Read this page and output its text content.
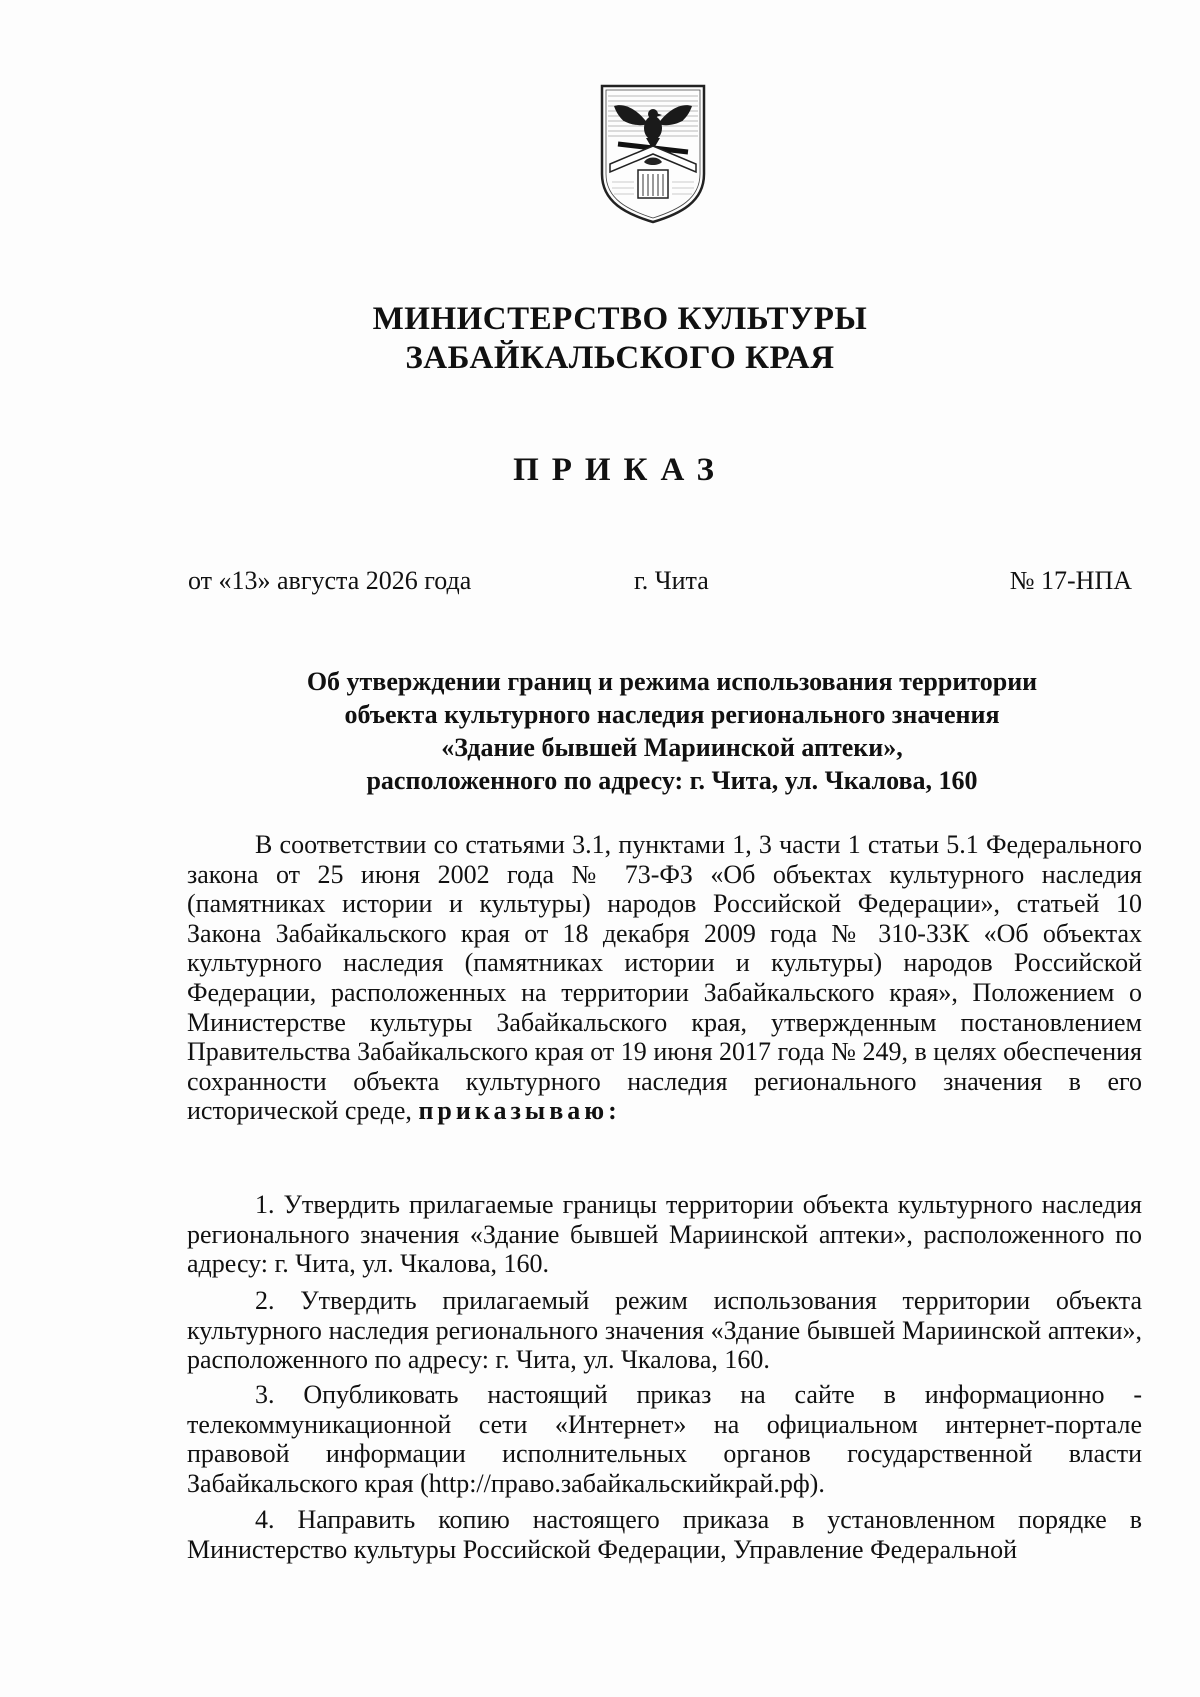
МИНИСТЕРСТВО КУЛЬТУРЫ
ЗАБАЙКАЛЬСКОГО КРАЯ
ПРИКАЗ
от «13» августа 2026 года	г. Чита	№ 17-НПА
Об утверждении границ и режима использования территории
объекта культурного наследия регионального значения
«Здание бывшей Мариинской аптеки»,
расположенного по адресу: г. Чита, ул. Чкалова, 160
В соответствии со статьями 3.1, пунктами 1, 3 части 1 статьи 5.1 Федерального закона от 25 июня 2002 года № 73-ФЗ «Об объектах культурного наследия (памятниках истории и культуры) народов Российской Федерации», статьей 10 Закона Забайкальского края от 18 декабря 2009 года № 310-ЗЗК «Об объектах культурного наследия (памятниках истории и культуры) народов Российской Федерации, расположенных на территории Забайкальского края», Положением о Министерстве культуры Забайкальского края, утвержденным постановлением Правительства Забайкальского края от 19 июня 2017 года № 249, в целях обеспечения сохранности объекта культурного наследия регионального значения в его исторической среде, приказываю:
1. Утвердить прилагаемые границы территории объекта культурного наследия регионального значения «Здание бывшей Мариинской аптеки», расположенного по адресу: г. Чита, ул. Чкалова, 160.
2. Утвердить прилагаемый режим использования территории объекта культурного наследия регионального значения «Здание бывшей Мариинской аптеки», расположенного по адресу: г. Чита, ул. Чкалова, 160.
3. Опубликовать настоящий приказ на сайте в информационно - телекоммуникационной сети «Интернет» на официальном интернет-портале правовой информации исполнительных органов государственной власти Забайкальского края (http://право.забайкальскийкрай.рф).
4. Направить копию настоящего приказа в установленном порядке в Министерство культуры Российской Федерации, Управление Федеральной
